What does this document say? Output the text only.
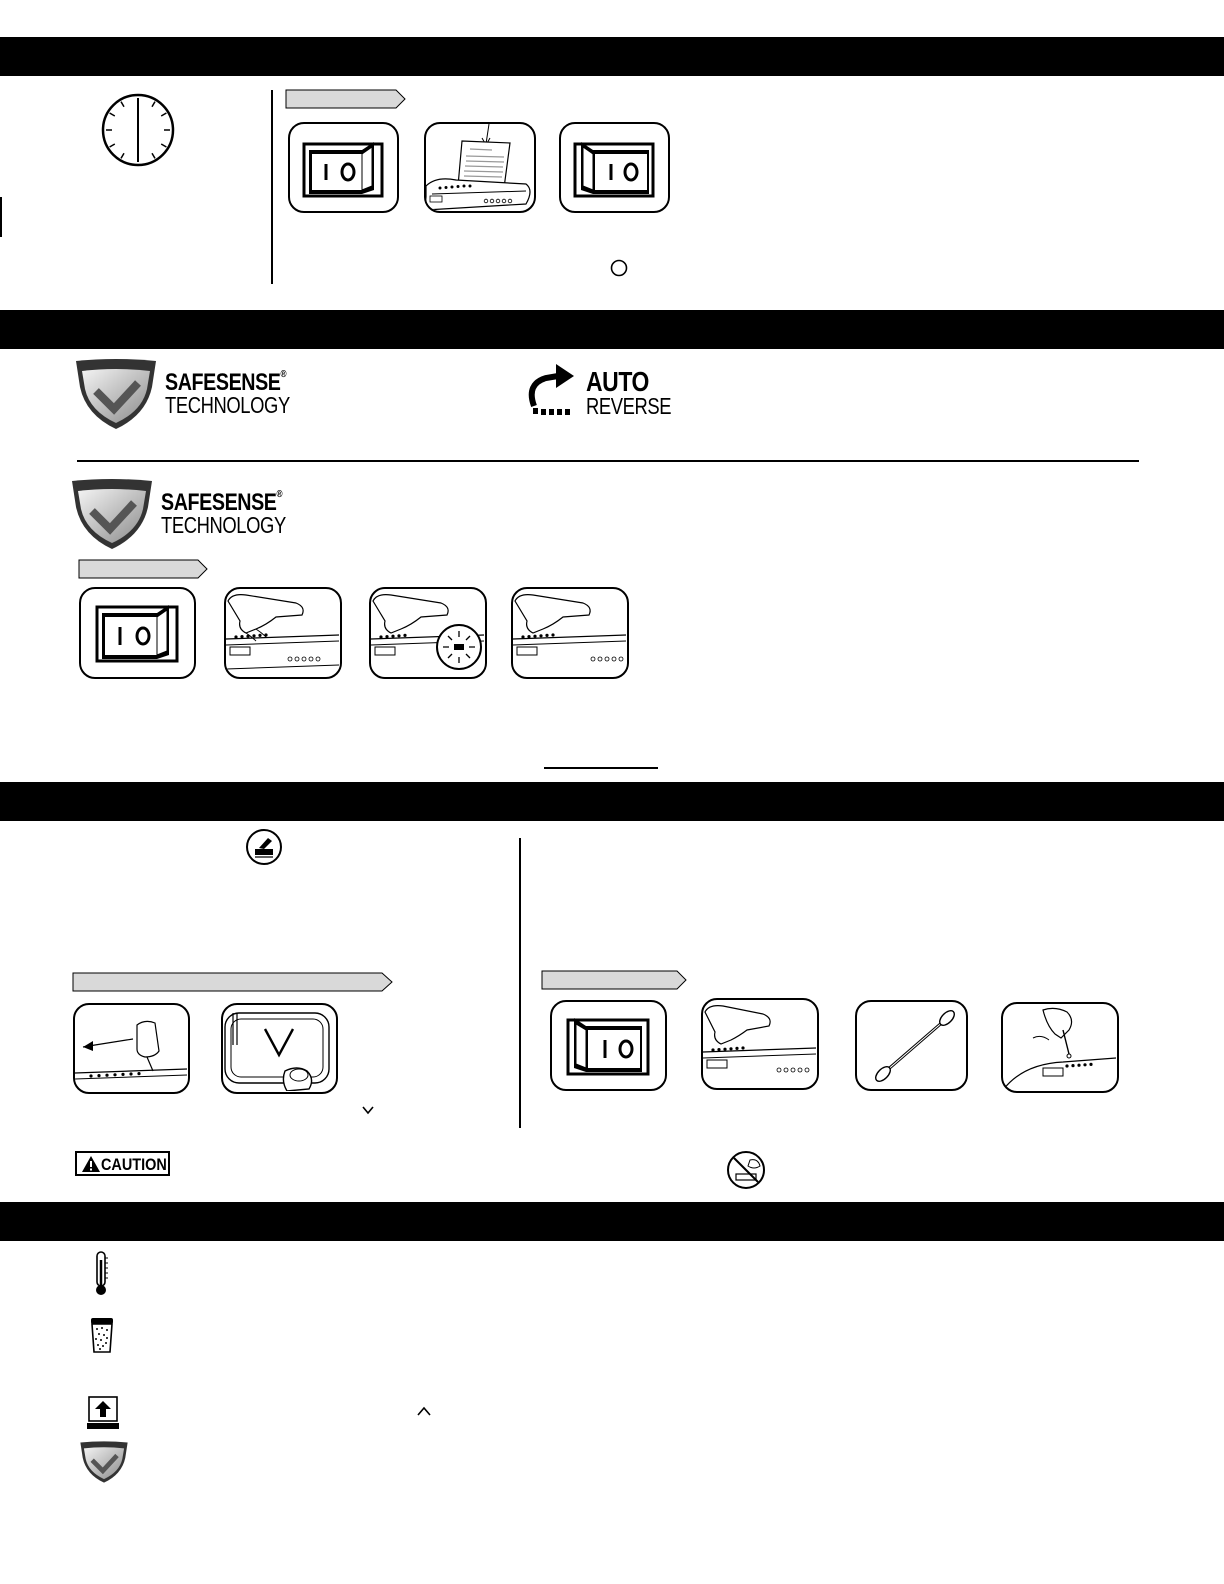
SAFESENSE®
TECHNOLOGY
AUTO
REVERSE
SAFESENSE®
TECHNOLOGY
CAUTION
